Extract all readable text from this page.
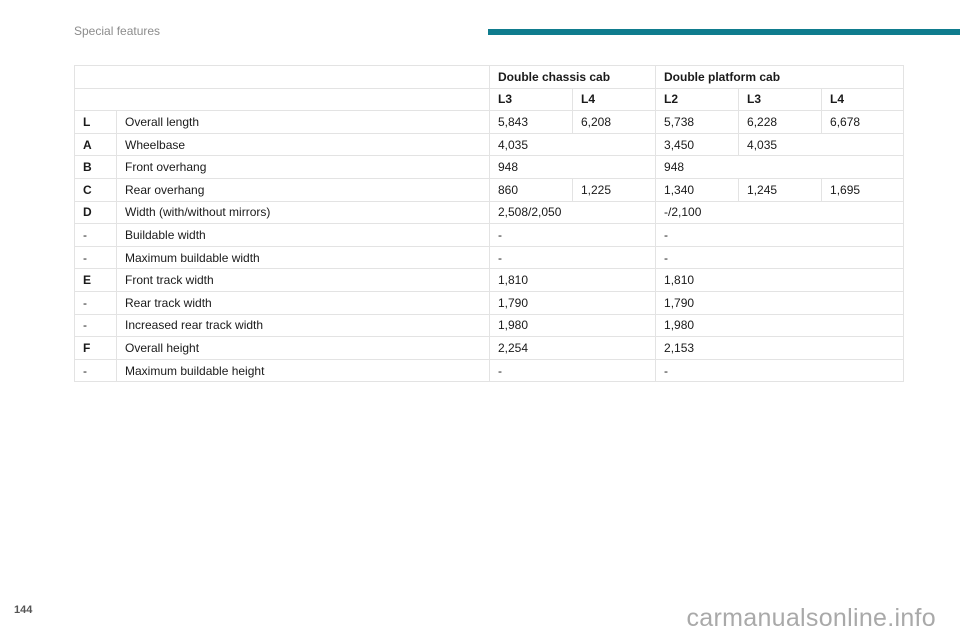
Special features
		Double chassis cab		Double platform cab		
		L3	L4	L2	L3	L4
L	Overall length	5,843	6,208	5,738	6,228	6,678
A	Wheelbase	4,035		3,450	4,035	
B	Front overhang	948		948		
C	Rear overhang	860	1,225	1,340	1,245	1,695
D	Width (with/without mirrors)	2,508/2,050		-/2,100		
-	Buildable width	-		-		
-	Maximum buildable width	-		-		
E	Front track width	1,810		1,810		
-	Rear track width	1,790		1,790		
-	Increased rear track width	1,980		1,980		
F	Overall height	2,254		2,153		
-	Maximum buildable height	-		-		
144	carmanualsonline.info
